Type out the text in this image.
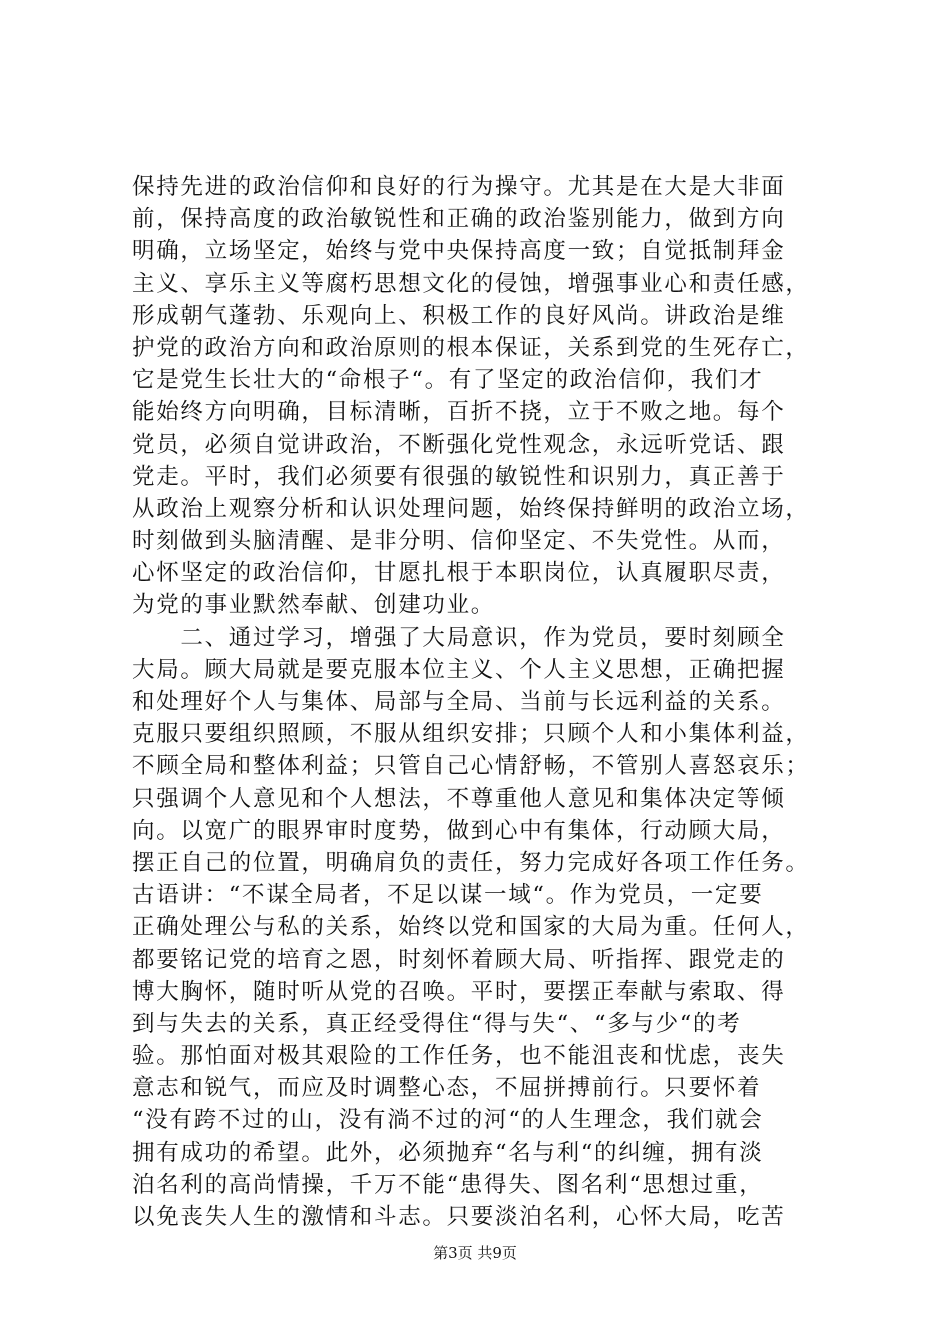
保持先进的政治信仰和良好的行为操守。尤其是在大是大非面
前，保持高度的政治敏锐性和正确的政治鉴别能力，做到方向
明确，立场坚定，始终与党中央保持高度一致；自觉抵制拜金
主义、享乐主义等腐朽思想文化的侵蚀，增强事业心和责任感，
形成朝气蓬勃、乐观向上、积极工作的良好风尚。讲政治是维
护党的政治方向和政治原则的根本保证，关系到党的生死存亡，
它是党生长壮大的“命根子“。有了坚定的政治信仰，我们才
能始终方向明确，目标清晰，百折不挠，立于不败之地。每个
党员，必须自觉讲政治，不断强化党性观念，永远听党话、跟
党走。平时，我们必须要有很强的敏锐性和识别力，真正善于
从政治上观察分析和认识处理问题，始终保持鲜明的政治立场，
时刻做到头脑清醒、是非分明、信仰坚定、不失党性。从而，
心怀坚定的政治信仰，甘愿扎根于本职岗位，认真履职尽责，
为党的事业默然奉献、创建功业。
　　二、通过学习，增强了大局意识，作为党员，要时刻顾全
大局。顾大局就是要克服本位主义、个人主义思想，正确把握
和处理好个人与集体、局部与全局、当前与长远利益的关系。
克服只要组织照顾，不服从组织安排；只顾个人和小集体利益，
不顾全局和整体利益；只管自己心情舒畅，不管别人喜怒哀乐；
只强调个人意见和个人想法，不尊重他人意见和集体决定等倾
向。以宽广的眼界审时度势，做到心中有集体，行动顾大局，
摆正自己的位置，明确肩负的责任，努力完成好各项工作任务。
古语讲：“不谋全局者，不足以谋一域“。作为党员，一定要
正确处理公与私的关系，始终以党和国家的大局为重。任何人，
都要铭记党的培育之恩，时刻怀着顾大局、听指挥、跟党走的
博大胸怀，随时听从党的召唤。平时，要摆正奉献与索取、得
到与失去的关系，真正经受得住“得与失“、“多与少“的考
验。那怕面对极其艰险的工作任务，也不能沮丧和忧虑，丧失
意志和锐气，而应及时调整心态，不屈拼搏前行。只要怀着
“没有跨不过的山，没有淌不过的河“的人生理念，我们就会
拥有成功的希望。此外，必须抛弃“名与利“的纠缠，拥有淡
泊名利的高尚情操，千万不能“患得失、图名利“思想过重，
以免丧失人生的激情和斗志。只要淡泊名利，心怀大局，吃苦
第3页 共9页
